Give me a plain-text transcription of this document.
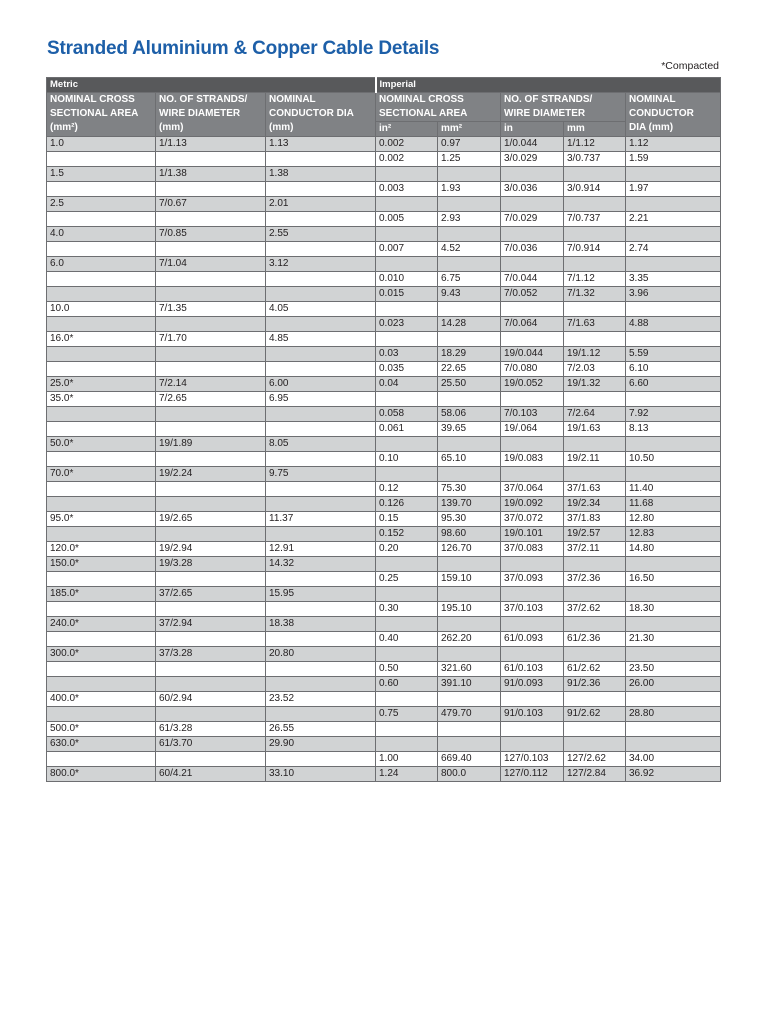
Stranded Aluminium & Copper Cable Details
*Compacted
Metric			Imperial				

NOMINAL CROSS
SECTIONAL AREA
(mm²)	NO. OF STRANDS/
WIRE DIAMETER
(mm)	NOMINAL
CONDUCTOR DIA
(mm)	NOMINAL CROSS
SECTIONAL AREA		NO. OF STRANDS/
WIRE DIAMETER		NOMINAL
CONDUCTOR
DIA (mm)

			in²	mm²	in	mm	
1.0	1/1.13	1.13	0.002	0.97	1/0.044	1/1.12	1.12
			0.002	1.25	3/0.029	3/0.737	1.59
1.5	1/1.38	1.38					
			0.003	1.93	3/0.036	3/0.914	1.97
2.5	7/0.67	2.01					
			0.005	2.93	7/0.029	7/0.737	2.21
4.0	7/0.85	2.55					
			0.007	4.52	7/0.036	7/0.914	2.74
6.0	7/1.04	3.12					
			0.010	6.75	7/0.044	7/1.12	3.35
			0.015	9.43	7/0.052	7/1.32	3.96
10.0	7/1.35	4.05					
			0.023	14.28	7/0.064	7/1.63	4.88
16.0*	7/1.70	4.85					
			0.03	18.29	19/0.044	19/1.12	5.59
			0.035	22.65	7/0.080	7/2.03	6.10
25.0*	7/2.14	6.00	0.04	25.50	19/0.052	19/1.32	6.60
35.0*	7/2.65	6.95					
			0.058	58.06	7/0.103	7/2.64	7.92
			0.061	39.65	19/.064	19/1.63	8.13
50.0*	19/1.89	8.05					
			0.10	65.10	19/0.083	19/2.11	10.50
70.0*	19/2.24	9.75					
			0.12	75.30	37/0.064	37/1.63	11.40
			0.126	139.70	19/0.092	19/2.34	11.68
95.0*	19/2.65	11.37	0.15	95.30	37/0.072	37/1.83	12.80
			0.152	98.60	19/0.101	19/2.57	12.83
120.0*	19/2.94	12.91	0.20	126.70	37/0.083	37/2.11	14.80
150.0*	19/3.28	14.32					
			0.25	159.10	37/0.093	37/2.36	16.50
185.0*	37/2.65	15.95					
			0.30	195.10	37/0.103	37/2.62	18.30
240.0*	37/2.94	18.38					
			0.40	262.20	61/0.093	61/2.36	21.30
300.0*	37/3.28	20.80					
			0.50	321.60	61/0.103	61/2.62	23.50
			0.60	391.10	91/0.093	91/2.36	26.00
400.0*	60/2.94	23.52					
			0.75	479.70	91/0.103	91/2.62	28.80
500.0*	61/3.28	26.55					
630.0*	61/3.70	29.90					
			1.00	669.40	127/0.103	127/2.62	34.00
800.0*	60/4.21	33.10	1.24	800.0	127/0.112	127/2.84	36.92
